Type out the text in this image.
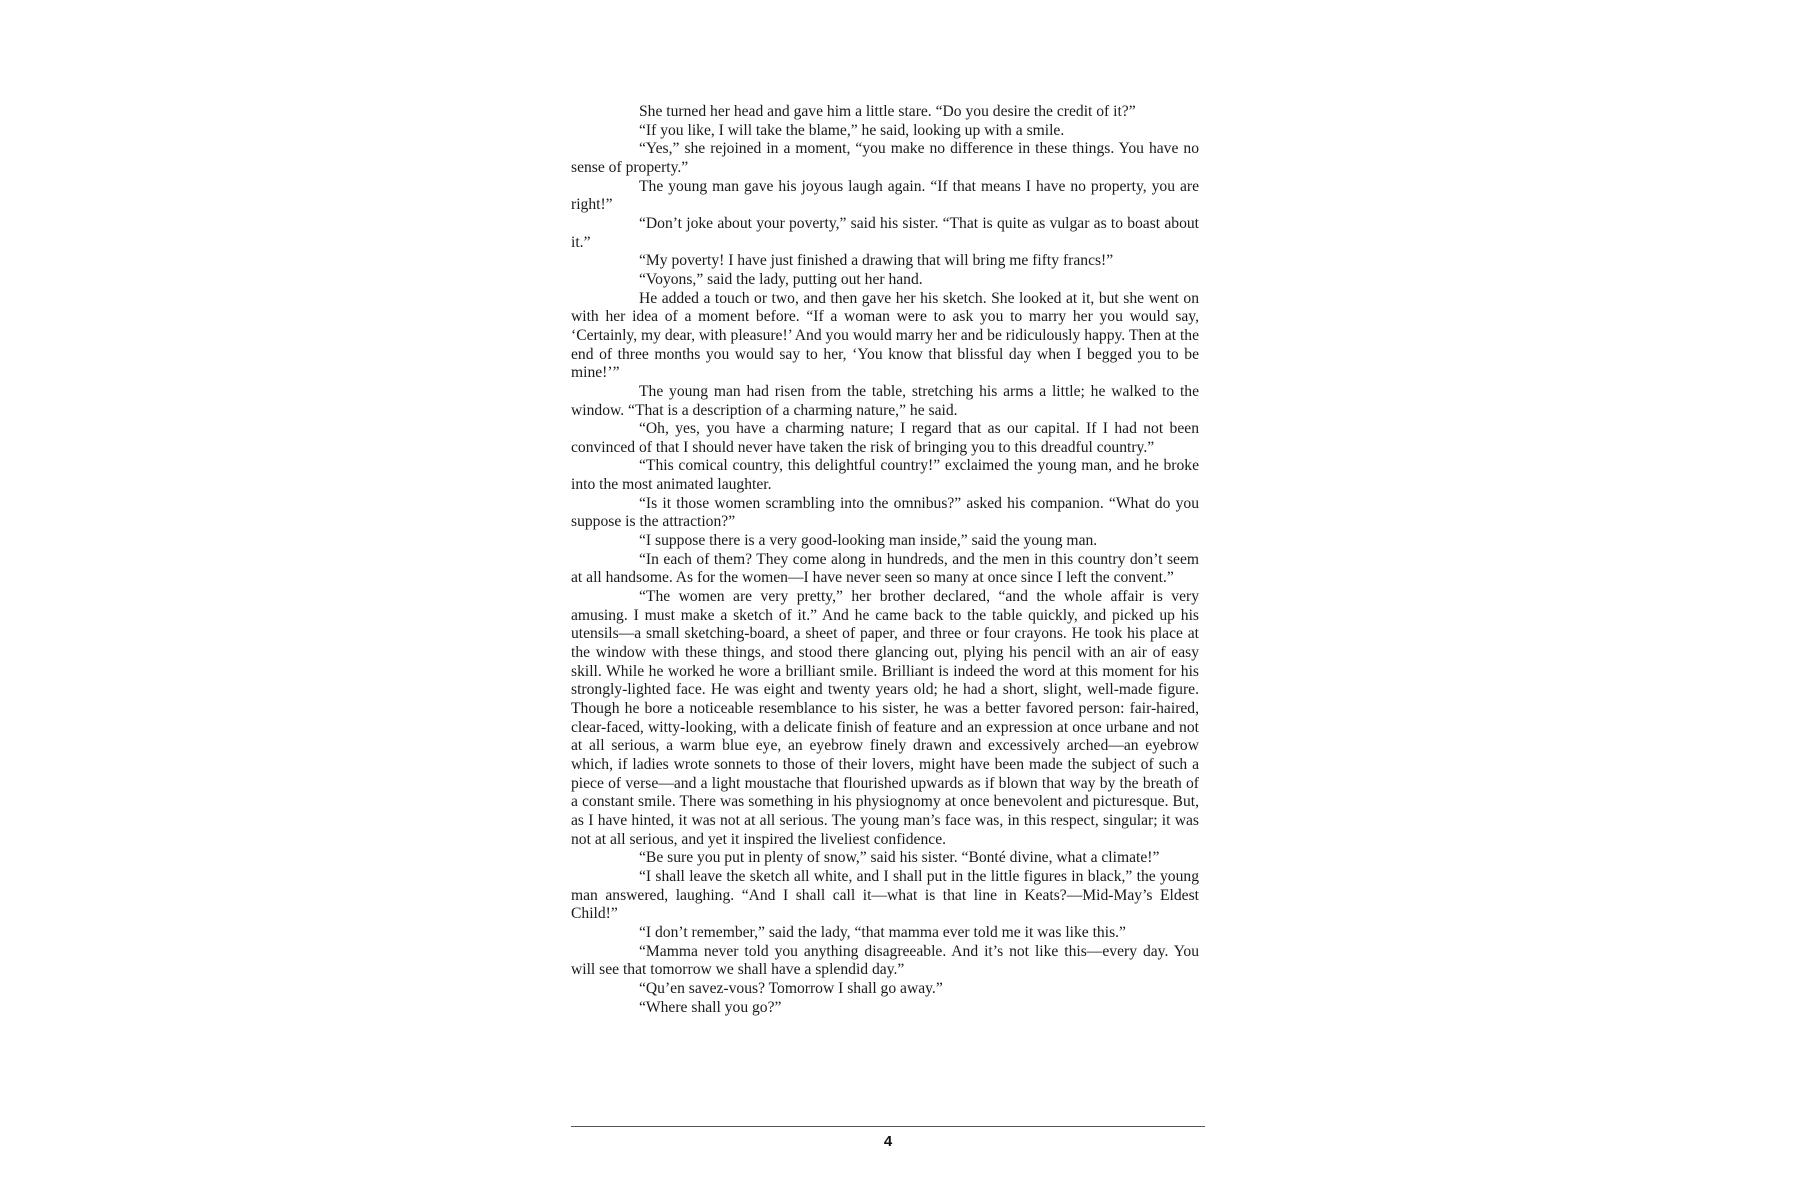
She turned her head and gave him a little stare. “Do you desire the credit of it?”

“If you like, I will take the blame,” he said, looking up with a smile.

“Yes,” she rejoined in a moment, “you make no difference in these things. You have no sense of property.”

The young man gave his joyous laugh again. “If that means I have no property, you are right!”

“Don’t joke about your poverty,” said his sister. “That is quite as vulgar as to boast about it.”

“My poverty! I have just finished a drawing that will bring me fifty francs!”

“Voyons,” said the lady, putting out her hand.

He added a touch or two, and then gave her his sketch. She looked at it, but she went on with her idea of a moment before. “If a woman were to ask you to marry her you would say, ‘Certainly, my dear, with pleasure!’ And you would marry her and be ridiculously happy. Then at the end of three months you would say to her, ‘You know that blissful day when I begged you to be mine!’”

The young man had risen from the table, stretching his arms a little; he walked to the window. “That is a description of a charming nature,” he said.

“Oh, yes, you have a charming nature; I regard that as our capital. If I had not been convinced of that I should never have taken the risk of bringing you to this dreadful country.”

“This comical country, this delightful country!” exclaimed the young man, and he broke into the most animated laughter.

“Is it those women scrambling into the omnibus?” asked his companion. “What do you suppose is the attraction?”

“I suppose there is a very good-looking man inside,” said the young man.

“In each of them? They come along in hundreds, and the men in this country don’t seem at all handsome. As for the women—I have never seen so many at once since I left the convent.”

“The women are very pretty,” her brother declared, “and the whole affair is very amusing. I must make a sketch of it.” And he came back to the table quickly, and picked up his utensils—a small sketching-board, a sheet of paper, and three or four crayons. He took his place at the window with these things, and stood there glancing out, plying his pencil with an air of easy skill. While he worked he wore a brilliant smile. Brilliant is indeed the word at this moment for his strongly-lighted face. He was eight and twenty years old; he had a short, slight, well-made figure. Though he bore a noticeable resemblance to his sister, he was a better favored person: fair-haired, clear-faced, witty-looking, with a delicate finish of feature and an expression at once urbane and not at all serious, a warm blue eye, an eyebrow finely drawn and excessively arched—an eyebrow which, if ladies wrote sonnets to those of their lovers, might have been made the subject of such a piece of verse—and a light moustache that flourished upwards as if blown that way by the breath of a constant smile. There was something in his physiognomy at once benevolent and picturesque. But, as I have hinted, it was not at all serious. The young man’s face was, in this respect, singular; it was not at all serious, and yet it inspired the liveliest confidence.

“Be sure you put in plenty of snow,” said his sister. “Bonté divine, what a climate!”

“I shall leave the sketch all white, and I shall put in the little figures in black,” the young man answered, laughing. “And I shall call it—what is that line in Keats?—Mid-May’s Eldest Child!”

“I don’t remember,” said the lady, “that mamma ever told me it was like this.”

“Mamma never told you anything disagreeable. And it’s not like this—every day. You will see that tomorrow we shall have a splendid day.”

“Qu’en savez-vous? Tomorrow I shall go away.”

“Where shall you go?”

4
